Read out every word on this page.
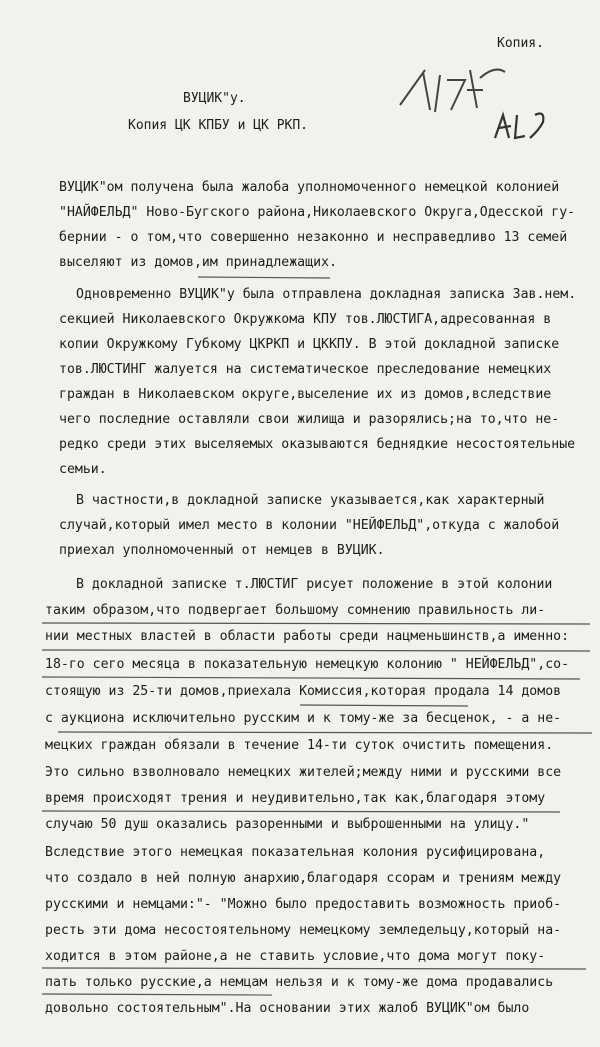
Копия.
ВУЦИК"у.
Копия ЦК КПБУ и ЦК РКП.
1247 / 445
ВУЦИК"ом получена была жалоба уполномоченного немецкой колонией
"НАЙФЕЛЬД" Ново-Бугского района,Николаевского Округа,Одесской гу-
бернии - о том,что совершенно незаконно и несправедливо 13 семей
выселяют из домов,им принадлежащих.
Одновременно ВУЦИК"у была отправлена докладная записка Зав.нем.
секцией Николаевского Окружкома КПУ тов.ЛЮСТИГА,адресованная в
копии Окружкому Губкому ЦКРКП и ЦККПУ. В этой докладной записке
тов.ЛЮСТИНГ жалуется на систематическое преследование немецких
граждан в Николаевском округе,выселение их из домов,вследствие
чего последние оставляли свои жилища и разорялись;на то,что не-
редко среди этих выселяемых оказываются беднядкие несостоятельные
семьи.
В частности,в докладной записке указывается,как характерный
случай,который имел место в колонии "НЕЙФЕЛЬД",откуда с жалобой
приехал уполномоченный от немцев в ВУЦИК.
В докладной записке т.ЛЮСТИГ рисует положение в этой колонии
таким образом,что подвергает большому сомнению правильность ли-
нии местных властей в области работы среди нацменьшинств,а именно:
18-го сего месяца в показательную немецкую колонию " НЕЙФЕЛЬД",со-
стоящую из 25-ти домов,приехала Комиссия,которая продала 14 домов
с аукциона исключительно русским и к тому-же за бесценок, - а не-
мецких граждан обязали в течение 14-ти суток очистить помещения.
Это сильно взволновало немецких жителей;между ними и русскими все
время происходят трения и неудивительно,так как,благодаря этому
случаю 50 душ оказались разоренными и выброшенными на улицу."
Вследствие этого немецкая показательная колония русифицирована,
что создало в ней полную анархию,благодаря ссорам и трениям между
русскими и немцами:"- "Можно было предоставить возможность приоб-
ресть эти дома несостоятельному немецкому земледельцу,который на-
ходится в этом районе,а не ставить условие,что дома могут поку-
пать только русские,а немцам нельзя и к тому-же дома продавались
довольно состоятельным".На основании этих жалоб ВУЦИК"ом было
